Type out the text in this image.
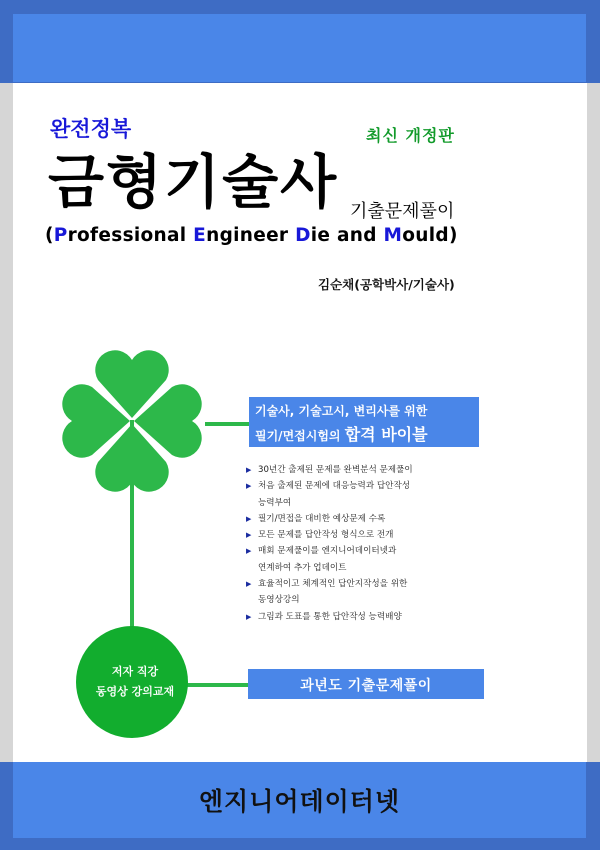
완전정복	최신 개정판
금형기술사 기출문제풀이
(Professional Engineer Die and Mould)
김순채(공학박사/기술사)
기술사, 기술고시, 변리사를 위한
필기/면접시험의 합격 바이블
▶ 30년간 출제된 문제를 완벽분석 문제풀이
▶ 처음 출제된 문제에 대응능력과 답안작성
능력부여
▶ 필기/면접을 대비한 예상문제 수록
▶ 모든 문제를 답안작성 형식으로 전개
▶ 매회 문제풀이를 엔지니어데이터넷과
연계하여 추가 업데이트
▶ 효율적이고 체계적인 답안지작성을 위한
동영상강의
▶ 그림과 도표를 통한 답안작성 능력배양
저자 직강
동영상 강의교재	과년도 기출문제풀이
엔지니어데이터넷
